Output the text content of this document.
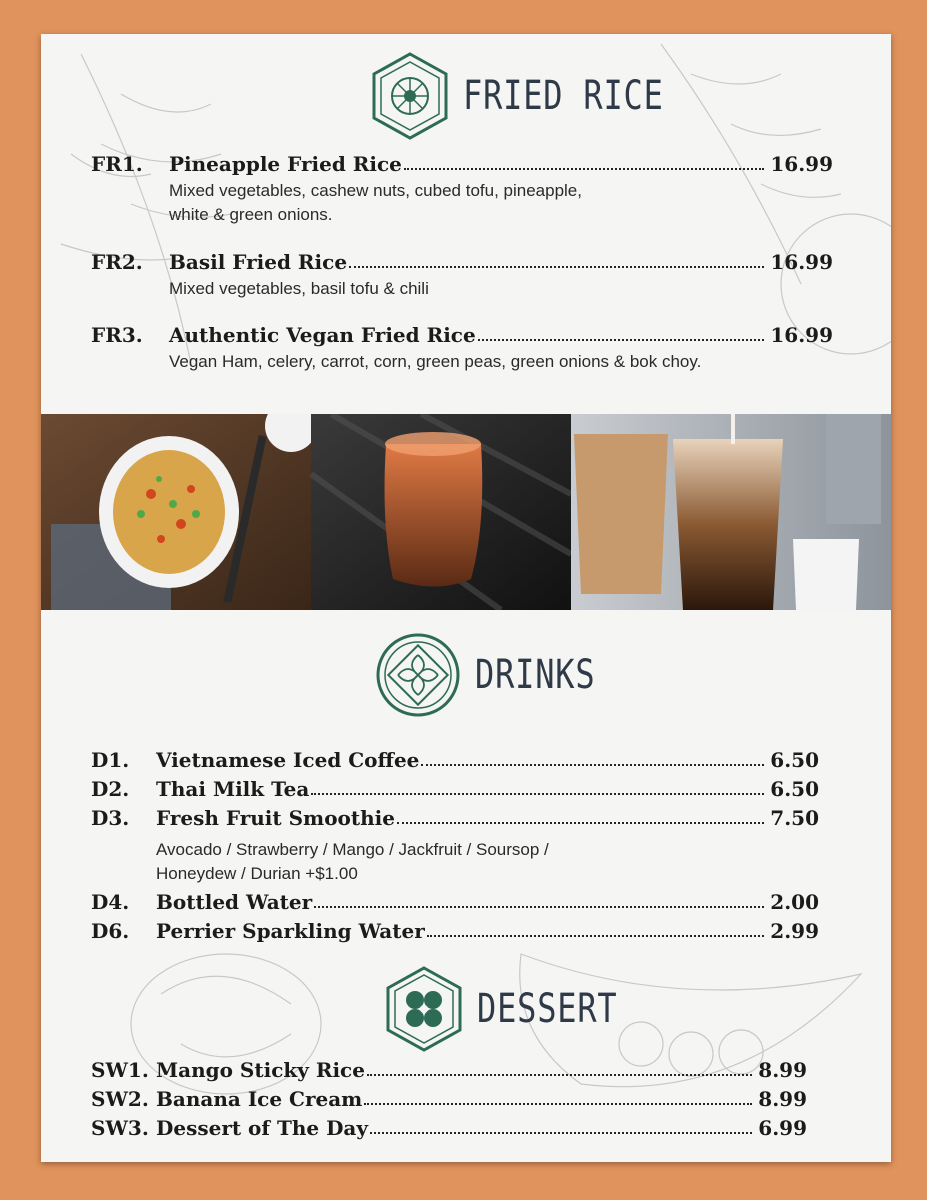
FRIED RICE
FR1.	Pineapple Fried Rice	16.99
Mixed vegetables, cashew nuts, cubed tofu, pineapple,
white & green onions.
FR2.	Basil Fried Rice	16.99
Mixed vegetables, basil tofu & chili
FR3.	Authentic Vegan Fried Rice	16.99
Vegan Ham, celery, carrot, corn, green peas, green onions & bok choy.
DRINKS
D1.	Vietnamese Iced Coffee	6.50
D2.	Thai Milk Tea	6.50
D3.	Fresh Fruit Smoothie	7.50
Avocado / Strawberry / Mango / Jackfruit / Soursop /
Honeydew / Durian +$1.00
D4.	Bottled Water	2.00
D6.	Perrier Sparkling Water	2.99
DESSERT
SW1. Mango Sticky Rice	8.99
SW2. Banana Ice Cream	8.99
SW3. Dessert of The Day	6.99
